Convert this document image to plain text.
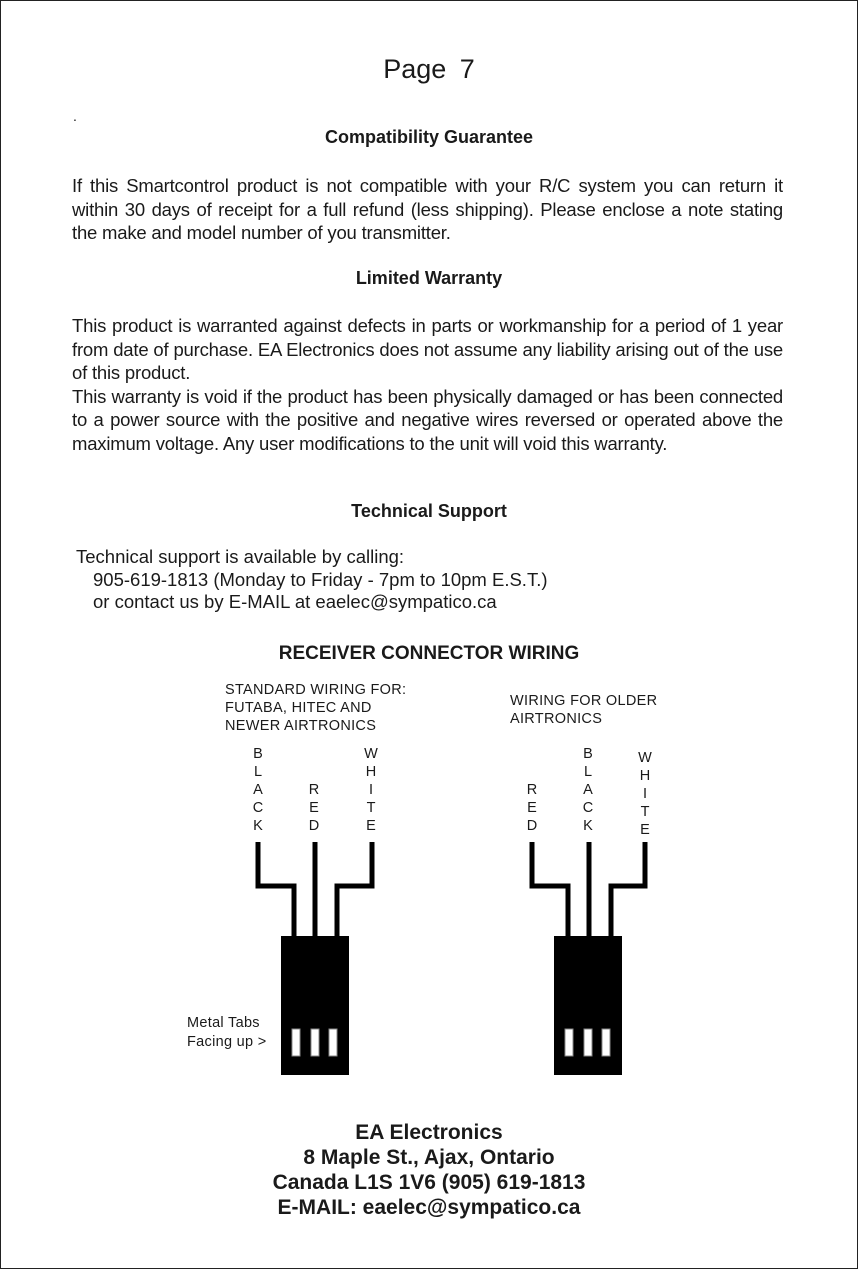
Page 7
.
Compatibility Guarantee

If this Smartcontrol product is not compatible with your R/C system you can return it within 30 days of receipt for a full refund (less shipping). Please enclose a note stating the make and model number of you transmitter.

Limited Warranty

This product is warranted against defects in parts or workmanship for a period of 1 year from date of purchase. EA Electronics does not assume any liability arising out of the use of this product.

This warranty is void if the product has been physically damaged or has been connected to a power source with the positive and negative wires reversed or operated above the maximum voltage. Any user modifications to the unit will void this warranty.

Technical Support
Technical support is available by calling:
905-619-1813 (Monday to Friday - 7pm to 10pm E.S.T.)
or contact us by E-MAIL at eaelec@sympatico.ca
RECEIVER CONNECTOR WIRING
STANDARD WIRING FOR:
FUTABA, HITEC AND
NEWER AIRTRONICS
WIRING FOR OLDER
AIRTRONICS
B
L
A
C
K
R
E
D
W
H
I
T
E
R
E
D
B
L
A
C
K
W
H
I
T
E
Metal Tabs
Facing up >
EA Electronics
8 Maple St., Ajax, Ontario
Canada L1S 1V6 (905) 619-1813
E-MAIL: eaelec@sympatico.ca
